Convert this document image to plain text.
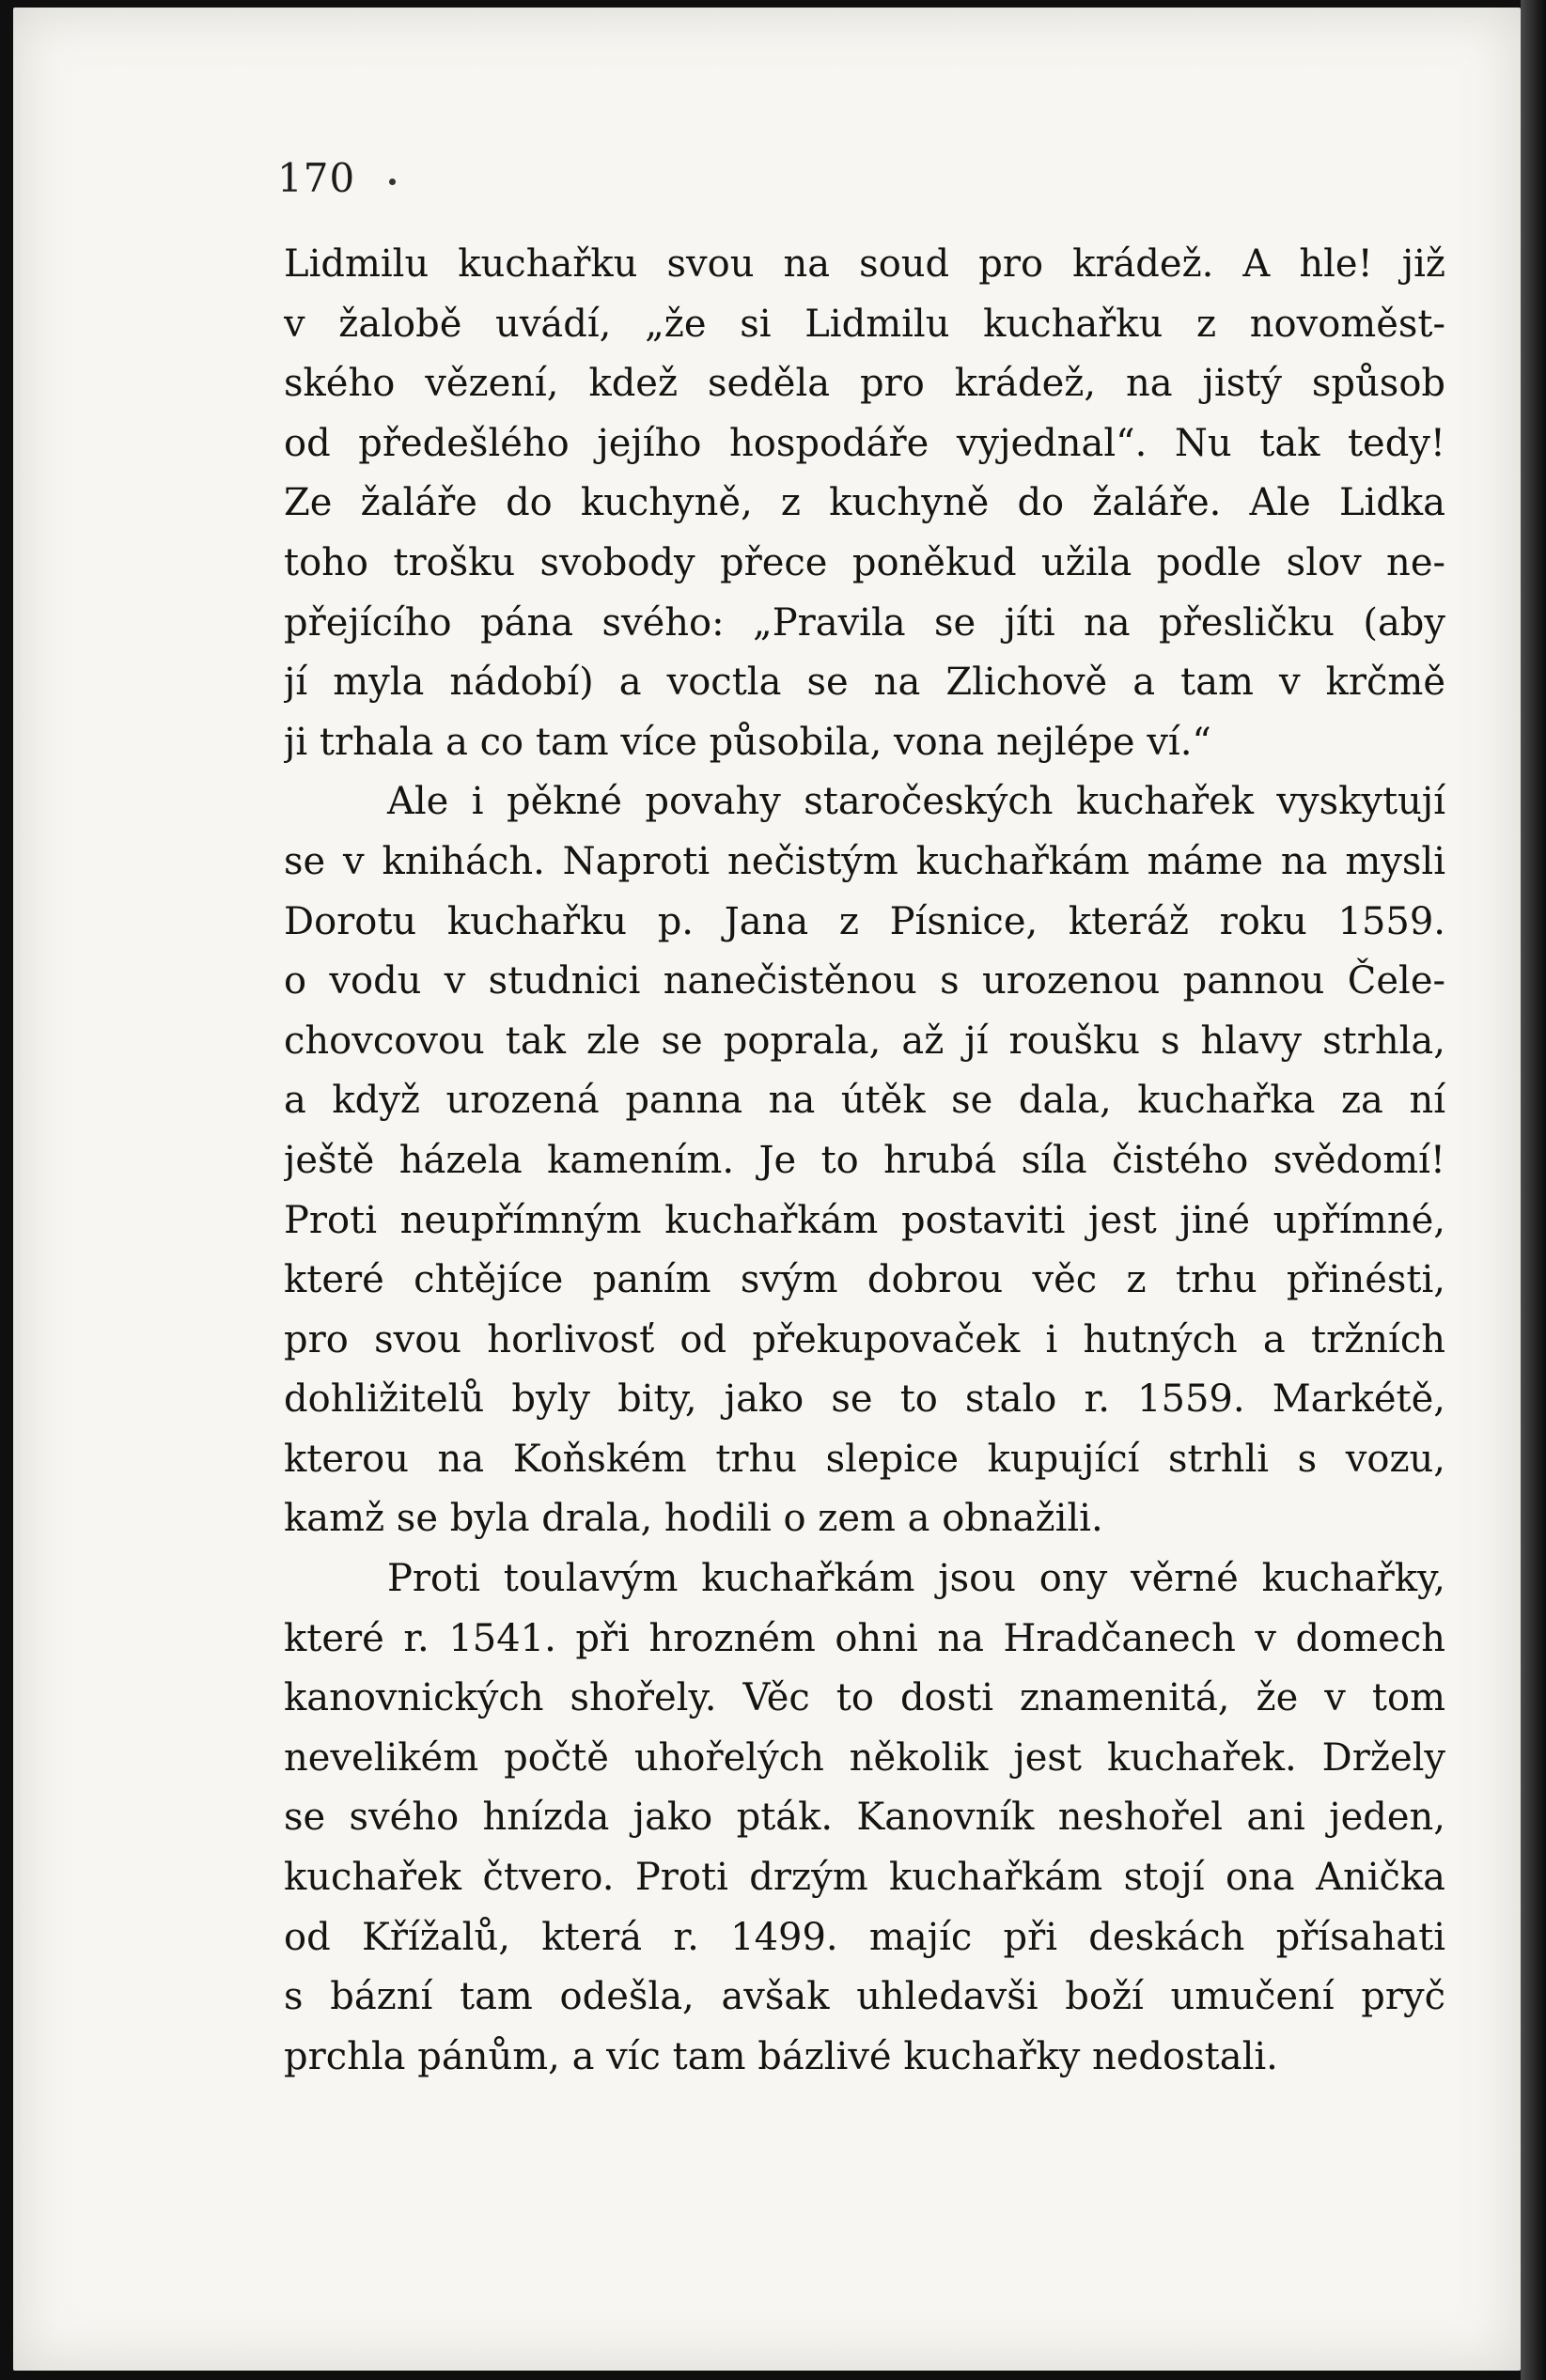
170
Lidmilu kuchařku svou na soud pro krádež. A hle! již
v žalobě uvádí, „že si Lidmilu kuchařku z novoměst-
ského vězení, kdež seděla pro krádež, na jistý spůsob
od předešlého jejího hospodáře vyjednal“. Nu tak tedy!
Ze žaláře do kuchyně, z kuchyně do žaláře. Ale Lidka
toho trošku svobody přece poněkud užila podle slov ne-
přejícího pána svého: „Pravila se jíti na přesličku (aby
jí myla nádobí) a voctla se na Zlichově a tam v krčmě
ji trhala a co tam více působila, vona nejlépe ví.“
Ale i pěkné povahy staročeských kuchařek vyskytují
se v knihách. Naproti nečistým kuchařkám máme na mysli
Dorotu kuchařku p. Jana z Písnice, kteráž roku 1559.
o vodu v studnici nanečistěnou s urozenou pannou Čele-
chovcovou tak zle se poprala, až jí roušku s hlavy strhla,
a když urozená panna na útěk se dala, kuchařka za ní
ještě házela kamením. Je to hrubá síla čistého svědomí!
Proti neupřímným kuchařkám postaviti jest jiné upřímné,
které chtějíce paním svým dobrou věc z trhu přinésti,
pro svou horlivosť od překupovaček i hutných a tržních
dohližitelů byly bity, jako se to stalo r. 1559. Markétě,
kterou na Koňském trhu slepice kupující strhli s vozu,
kamž se byla drala, hodili o zem a obnažili.
Proti toulavým kuchařkám jsou ony věrné kuchařky,
které r. 1541. při hrozném ohni na Hradčanech v domech
kanovnických shořely. Věc to dosti znamenitá, že v tom
nevelikém počtě uhořelých několik jest kuchařek. Držely
se svého hnízda jako pták. Kanovník neshořel ani jeden,
kuchařek čtvero. Proti drzým kuchařkám stojí ona Anička
od Křížalů, která r. 1499. majíc při deskách přísahati
s bázní tam odešla, avšak uhledavši boží umučení pryč
prchla pánům, a víc tam bázlivé kuchařky nedostali.
